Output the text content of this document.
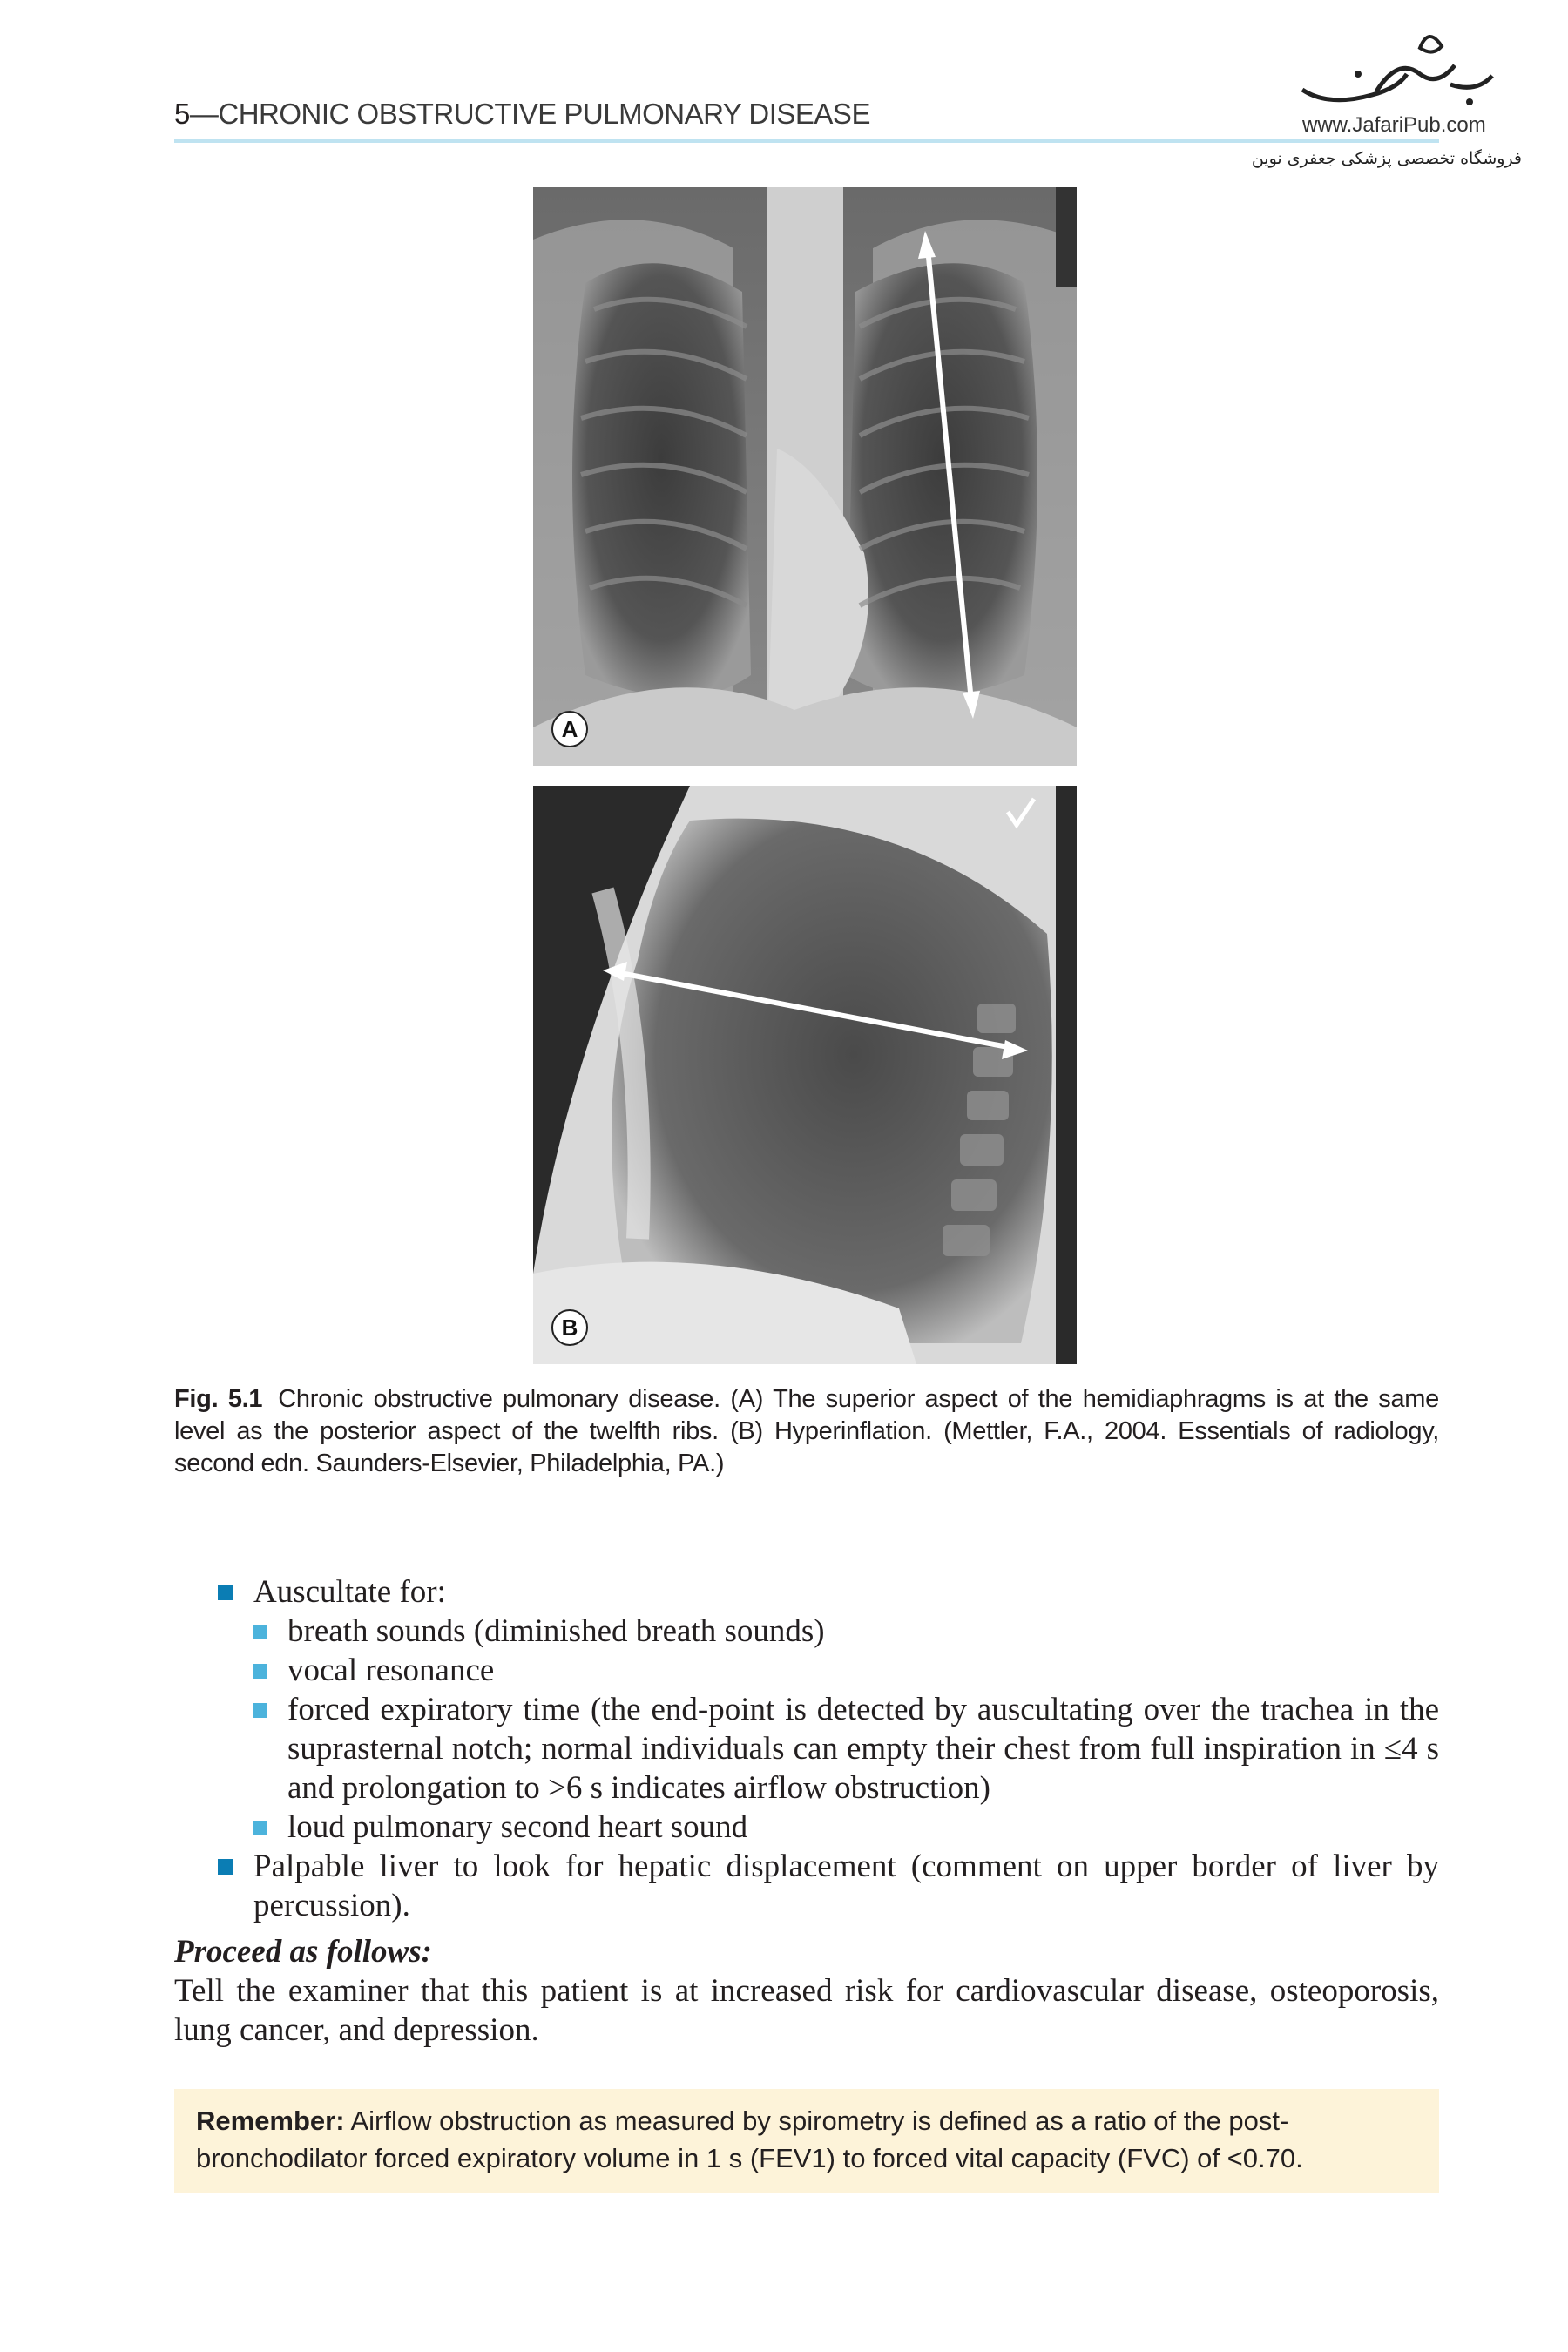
5—CHRONIC OBSTRUCTIVE PULMONARY DISEASE	www.JafariPub.com
فروشگاه تخصصی پزشکی جعفری نوین
A
B
Fig. 5.1 Chronic obstructive pulmonary disease. (A) The superior aspect of the hemidiaphragms is at the same level as the posterior aspect of the twelfth ribs. (B) Hyperinflation. (Mettler, F.A., 2004. Essentials of radiology, second edn. Saunders-Elsevier, Philadelphia, PA.)
Auscultate for:
breath sounds (diminished breath sounds)
vocal resonance
forced expiratory time (the end-point is detected by auscultating over the trachea in the suprasternal notch; normal individuals can empty their chest from full inspiration in ≤4 s and prolongation to >6 s indicates airflow obstruction)
loud pulmonary second heart sound
Palpable liver to look for hepatic displacement (comment on upper border of liver by percussion).
Proceed as follows:
Tell the examiner that this patient is at increased risk for cardiovascular disease, osteoporosis, lung cancer, and depression.

Remember: Airflow obstruction as measured by spirometry is defined as a ratio of the post-bronchodilator forced expiratory volume in 1 s (FEV1) to forced vital capacity (FVC) of <0.70.
